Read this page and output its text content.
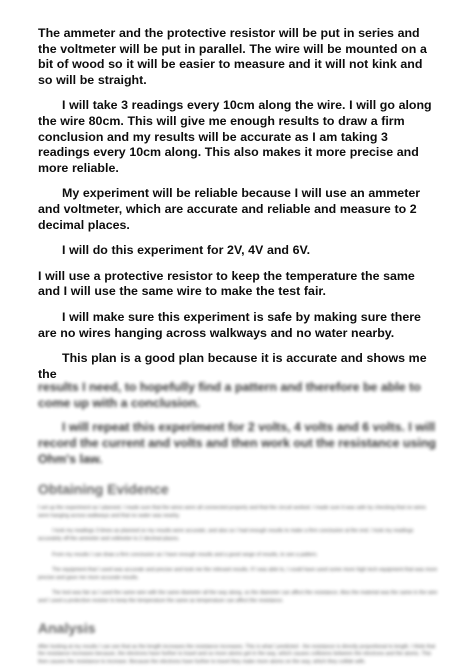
The ammeter and the protective resistor will be put in series and the voltmeter will be put in parallel. The wire will be mounted on a bit of wood so it will be easier to measure and it will not kink and so will be straight.

I will take 3 readings every 10cm along the wire. I will go along the wire 80cm. This will give me enough results to draw a firm conclusion and my results will be accurate as I am taking 3 readings every 10cm along. This also makes it more precise and more reliable.

My experiment will be reliable because I will use an ammeter and voltmeter, which are accurate and reliable and measure to 2 decimal places.

I will do this experiment for 2V, 4V and 6V.

I will use a protective resistor to keep the temperature the same and I will use the same wire to make the test fair.

I will make sure this experiment is safe by making sure there are no wires hanging across walkways and no water nearby.

This plan is a good plan because it is accurate and shows me the

results I need, to hopefully find a pattern and therefore be able to come up with a conclusion.

I will repeat this experiment for 2 volts, 4 volts and 6 volts. I will record the current and volts and then work out the resistance using Ohm's law.

Obtaining Evidence

I set up the experiment as I planned. I made sure that the wires were all connected properly and that the circuit worked. I made sure it was safe by checking that no wires were hanging across walkways and that no water was nearby.

I took my readings 3 times as planned so my results were accurate, and also so I had enough results to make a firm conclusion at the end. I took my readings accurately off the ammeter and voltmeter to 2 decimal places.

From my results I can draw a firm conclusion as I have enough results and a good range of results, to see a pattern.

The equipment that I used was accurate and precise and took me the relevant results. If I was able to, I could have used some more high tech equipment that was more precise and gave me more accurate results.

The test was fair as I used the same wire with the same diameter all the way along, so the diameter can affect the resistance. Also the material was the same in the wire and I used a protective resistor to keep the temperature the same as temperature can affect the resistance.

Analysis

After looking at my results I can see that as the length increases the resistance increases. This is what I predicted - the resistance is directly proportional to length. I think that the resistance increases because, the electrons have further to travel and so more atoms get in the way, which causes collisions between the electrons and the atoms. This then causes the resistance to increase. Because the electrons have further to travel they make more atoms on the way, which they collide with.
